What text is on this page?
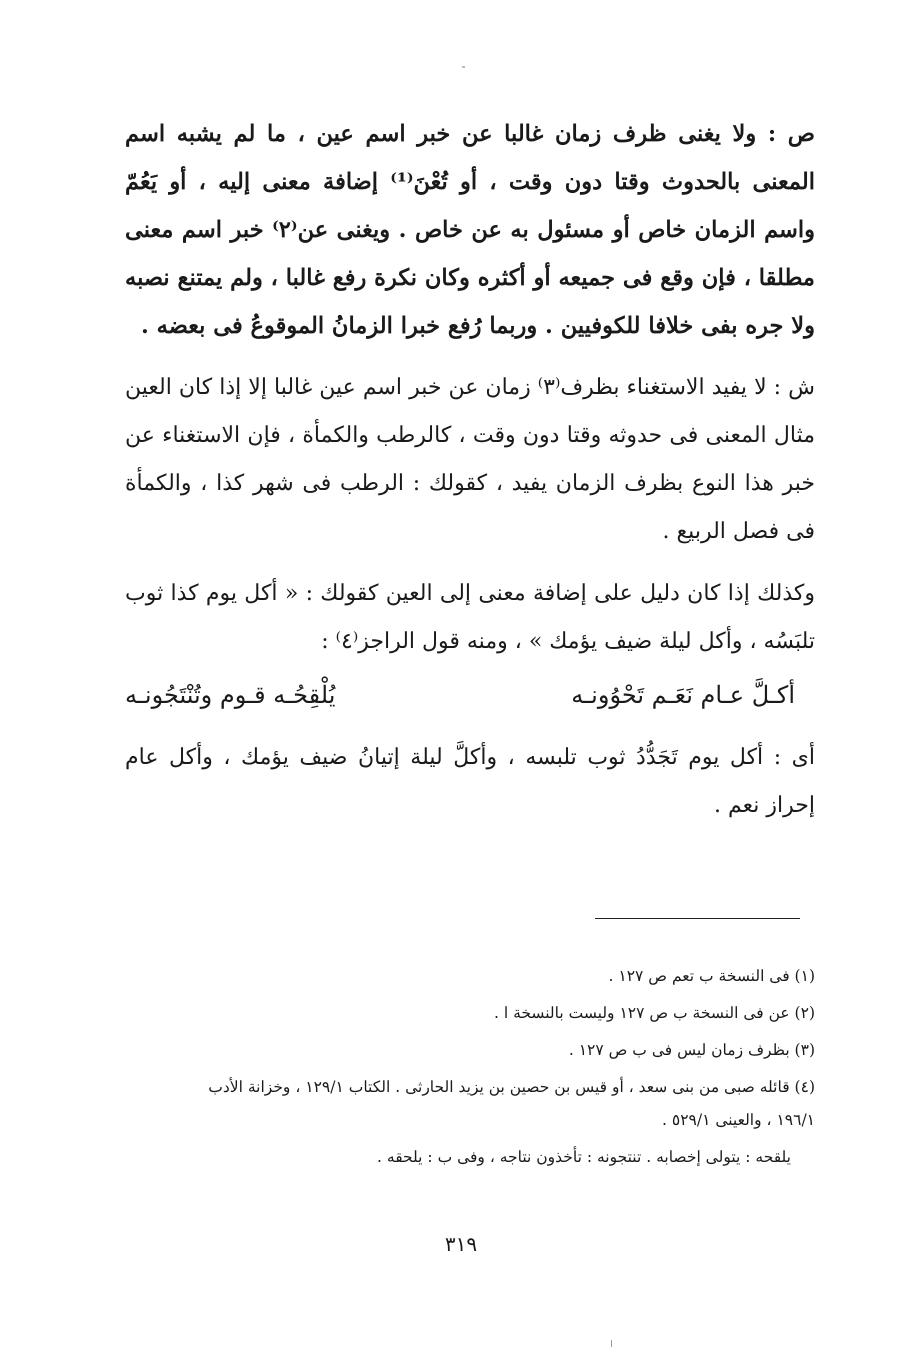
ص : ولا يغنى ظرف زمان غالبا عن خبر اسم عين ، ما لم يشبه اسم المعنى بالحدوث وقتا دون وقت ، أو تُعْنَ⁽¹⁾ إضافة معنى إليه ، أو يَعُمّ واسم الزمان خاص أو مسئول به عن خاص . ويغنى عن⁽٢⁾ خبر اسم معنى مطلقا ، فإن وقع فى جميعه أو أكثره وكان نكرة رفع غالبا ، ولم يمتنع نصبه ولا جره بفى خلافا للكوفيين . وربما رُفع خبرا الزمانُ الموقوعُ فى بعضه .

ش : لا يفيد الاستغناء بظرف⁽٣⁾ زمان عن خبر اسم عين غالبا إلا إذا كان العين مثال المعنى فى حدوثه وقتا دون وقت ، كالرطب والكمأة ، فإن الاستغناء عن خبر هذا النوع بظرف الزمان يفيد ، كقولك : الرطب فى شهر كذا ، والكمأة فى فصل الربيع .

وكذلك إذا كان دليل على إضافة معنى إلى العين كقولك : « أكل يوم كذا ثوب تلبَسُه ، وأكل ليلة ضيف يؤمك » ، ومنه قول الراجز⁽٤⁾ :

أكـلَّ عـام نَعَـم تَحْوُونـه
يُلْقِحُـه قـوم وتُنْتَجُونـه

أى : أكل يوم تَجَدُّدُ ثوب تلبسه ، وأكلَّ ليلة إتيانُ ضيف يؤمك ، وأكل عام إحراز نعم .

(١) فى النسخة ب تعم ص ١٢٧ .

(٢) عن فى النسخة ب ص ١٢٧ وليست بالنسخة ا .

(٣) بظرف زمان ليس فى ب ص ١٢٧ .

(٤) قائله صبى من بنى سعد ، أو قيس بن حصين بن يزيد الحارثى . الكتاب ١٢٩/١ ، وخزانة الأدب

١٩٦/١ ، والعينى ٥٢٩/١ .

يلقحه : يتولى إخصابه . تنتجونه : تأخذون نتاجه ، وفى ب : يلحقه .

٣١٩
